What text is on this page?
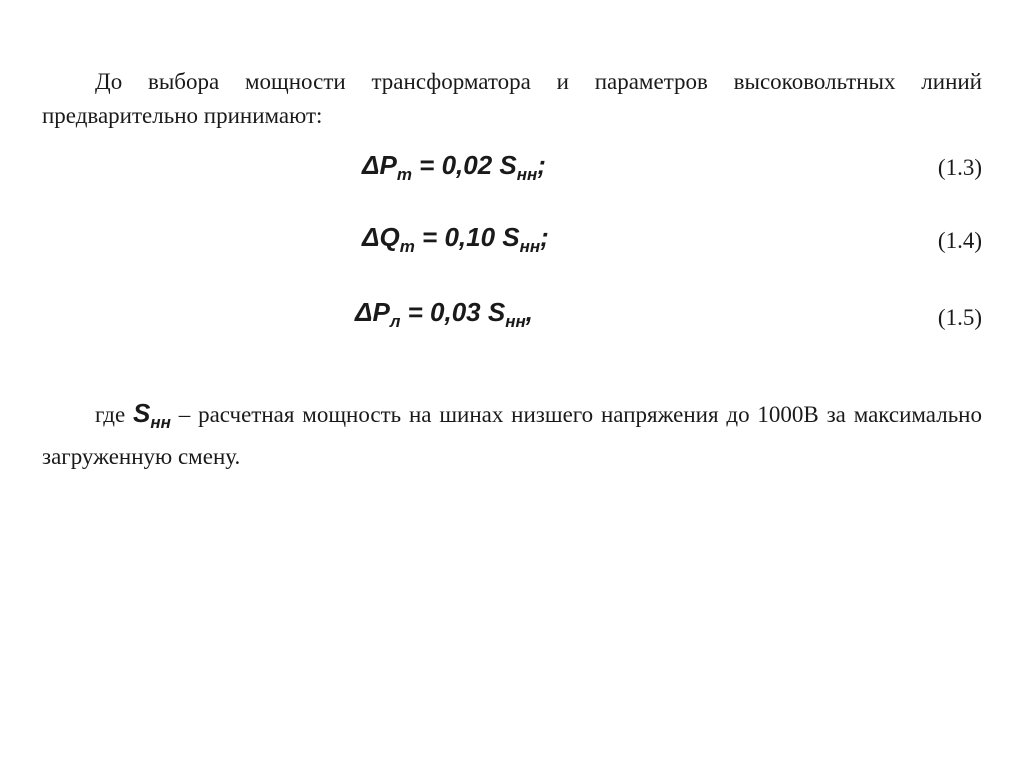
До выбора мощности трансформатора и параметров высоковольтных линий предварительно принимают:

$\Delta P_т = 0,02$ $S_{нн}$;	(1.3)
$\Delta Q_т = 0,10$ $S_{нн}$;	(1.4)
$\Delta P_л = 0,03$ $S_{нн}$,	(1.5)

где $S_{нн}$ – расчетная мощность на шинах низшего напряжения до 1000В за максимально загруженную смену.
